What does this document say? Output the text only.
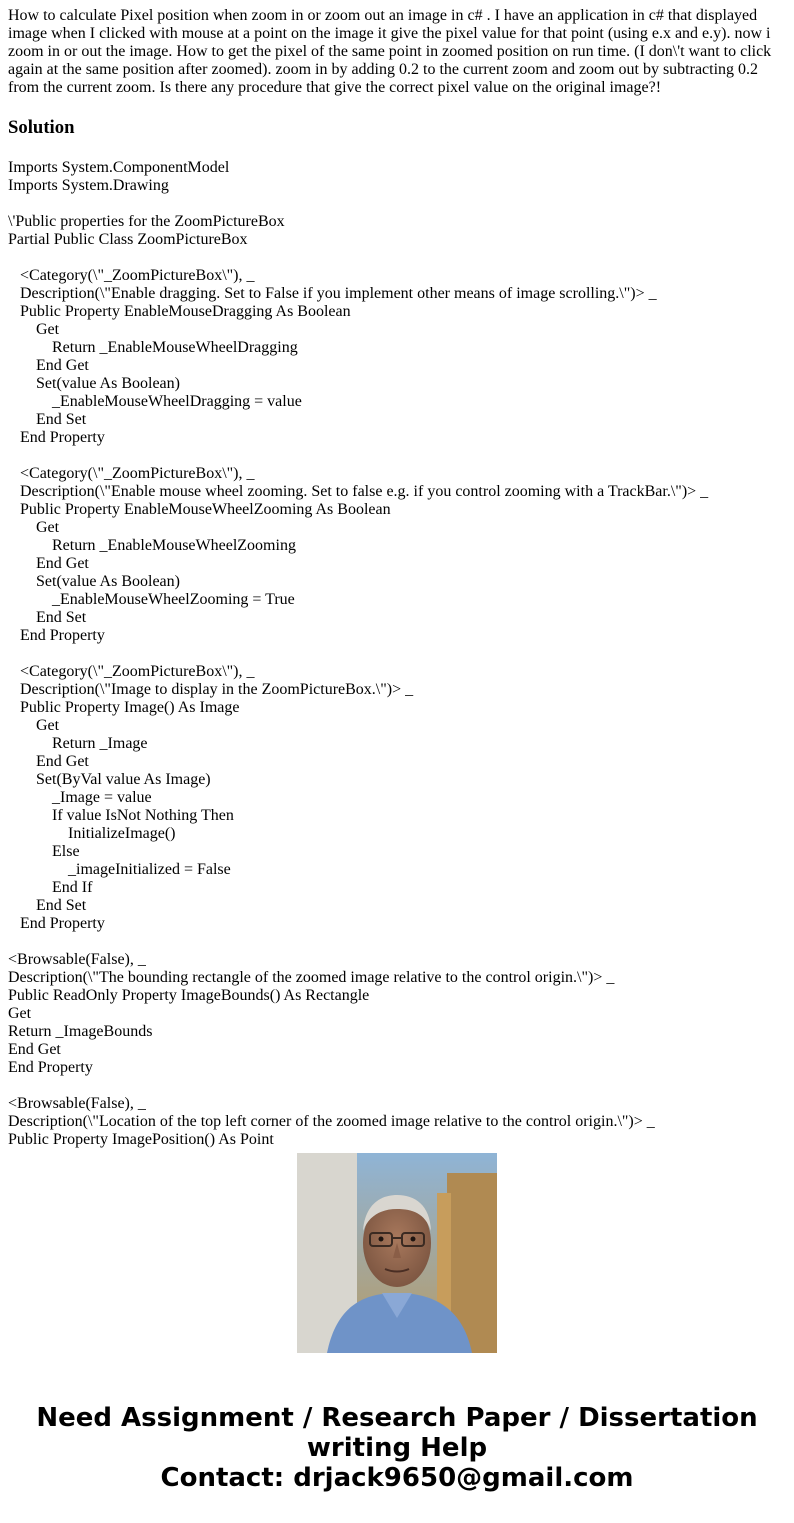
How to calculate Pixel position when zoom in or zoom out an image in c# . I have an application in c# that displayed image when I clicked with mouse at a point on the image it give the pixel value for that point (using e.x and e.y). now i zoom in or out the image. How to get the pixel of the same point in zoomed position on run time. (I don\'t want to click again at the same position after zoomed). zoom in by adding 0.2 to the current zoom and zoom out by subtracting 0.2 from the current zoom. Is there any procedure that give the correct pixel value on the original image?!

Solution
Imports System.ComponentModel
Imports System.Drawing
\'Public properties for the ZoomPictureBox
Partial Public Class ZoomPictureBox
<Category(\"_ZoomPictureBox\"), _
Description(\"Enable dragging. Set to False if you implement other means of image scrolling.\")> _
Public Property EnableMouseDragging As Boolean
Get
Return _EnableMouseWheelDragging
End Get
Set(value As Boolean)
_EnableMouseWheelDragging = value
End Set
End Property
<Category(\"_ZoomPictureBox\"), _
Description(\"Enable mouse wheel zooming. Set to false e.g. if you control zooming with a TrackBar.\")> _
Public Property EnableMouseWheelZooming As Boolean
Get
Return _EnableMouseWheelZooming
End Get
Set(value As Boolean)
_EnableMouseWheelZooming = True
End Set
End Property
<Category(\"_ZoomPictureBox\"), _
Description(\"Image to display in the ZoomPictureBox.\")> _
Public Property Image() As Image
Get
Return _Image
End Get
Set(ByVal value As Image)
_Image = value
If value IsNot Nothing Then
InitializeImage()
Else
_imageInitialized = False
End If
End Set
End Property
<Browsable(False), _
Description(\"The bounding rectangle of the zoomed image relative to the control origin.\")> _
Public ReadOnly Property ImageBounds() As Rectangle
Get
Return _ImageBounds
End Get
End Property
<Browsable(False), _
Description(\"Location of the top left corner of the zoomed image relative to the control origin.\")> _
Public Property ImagePosition() As Point
Need Assignment / Research Paper / Dissertation
writing Help
Contact: drjack9650@gmail.com
